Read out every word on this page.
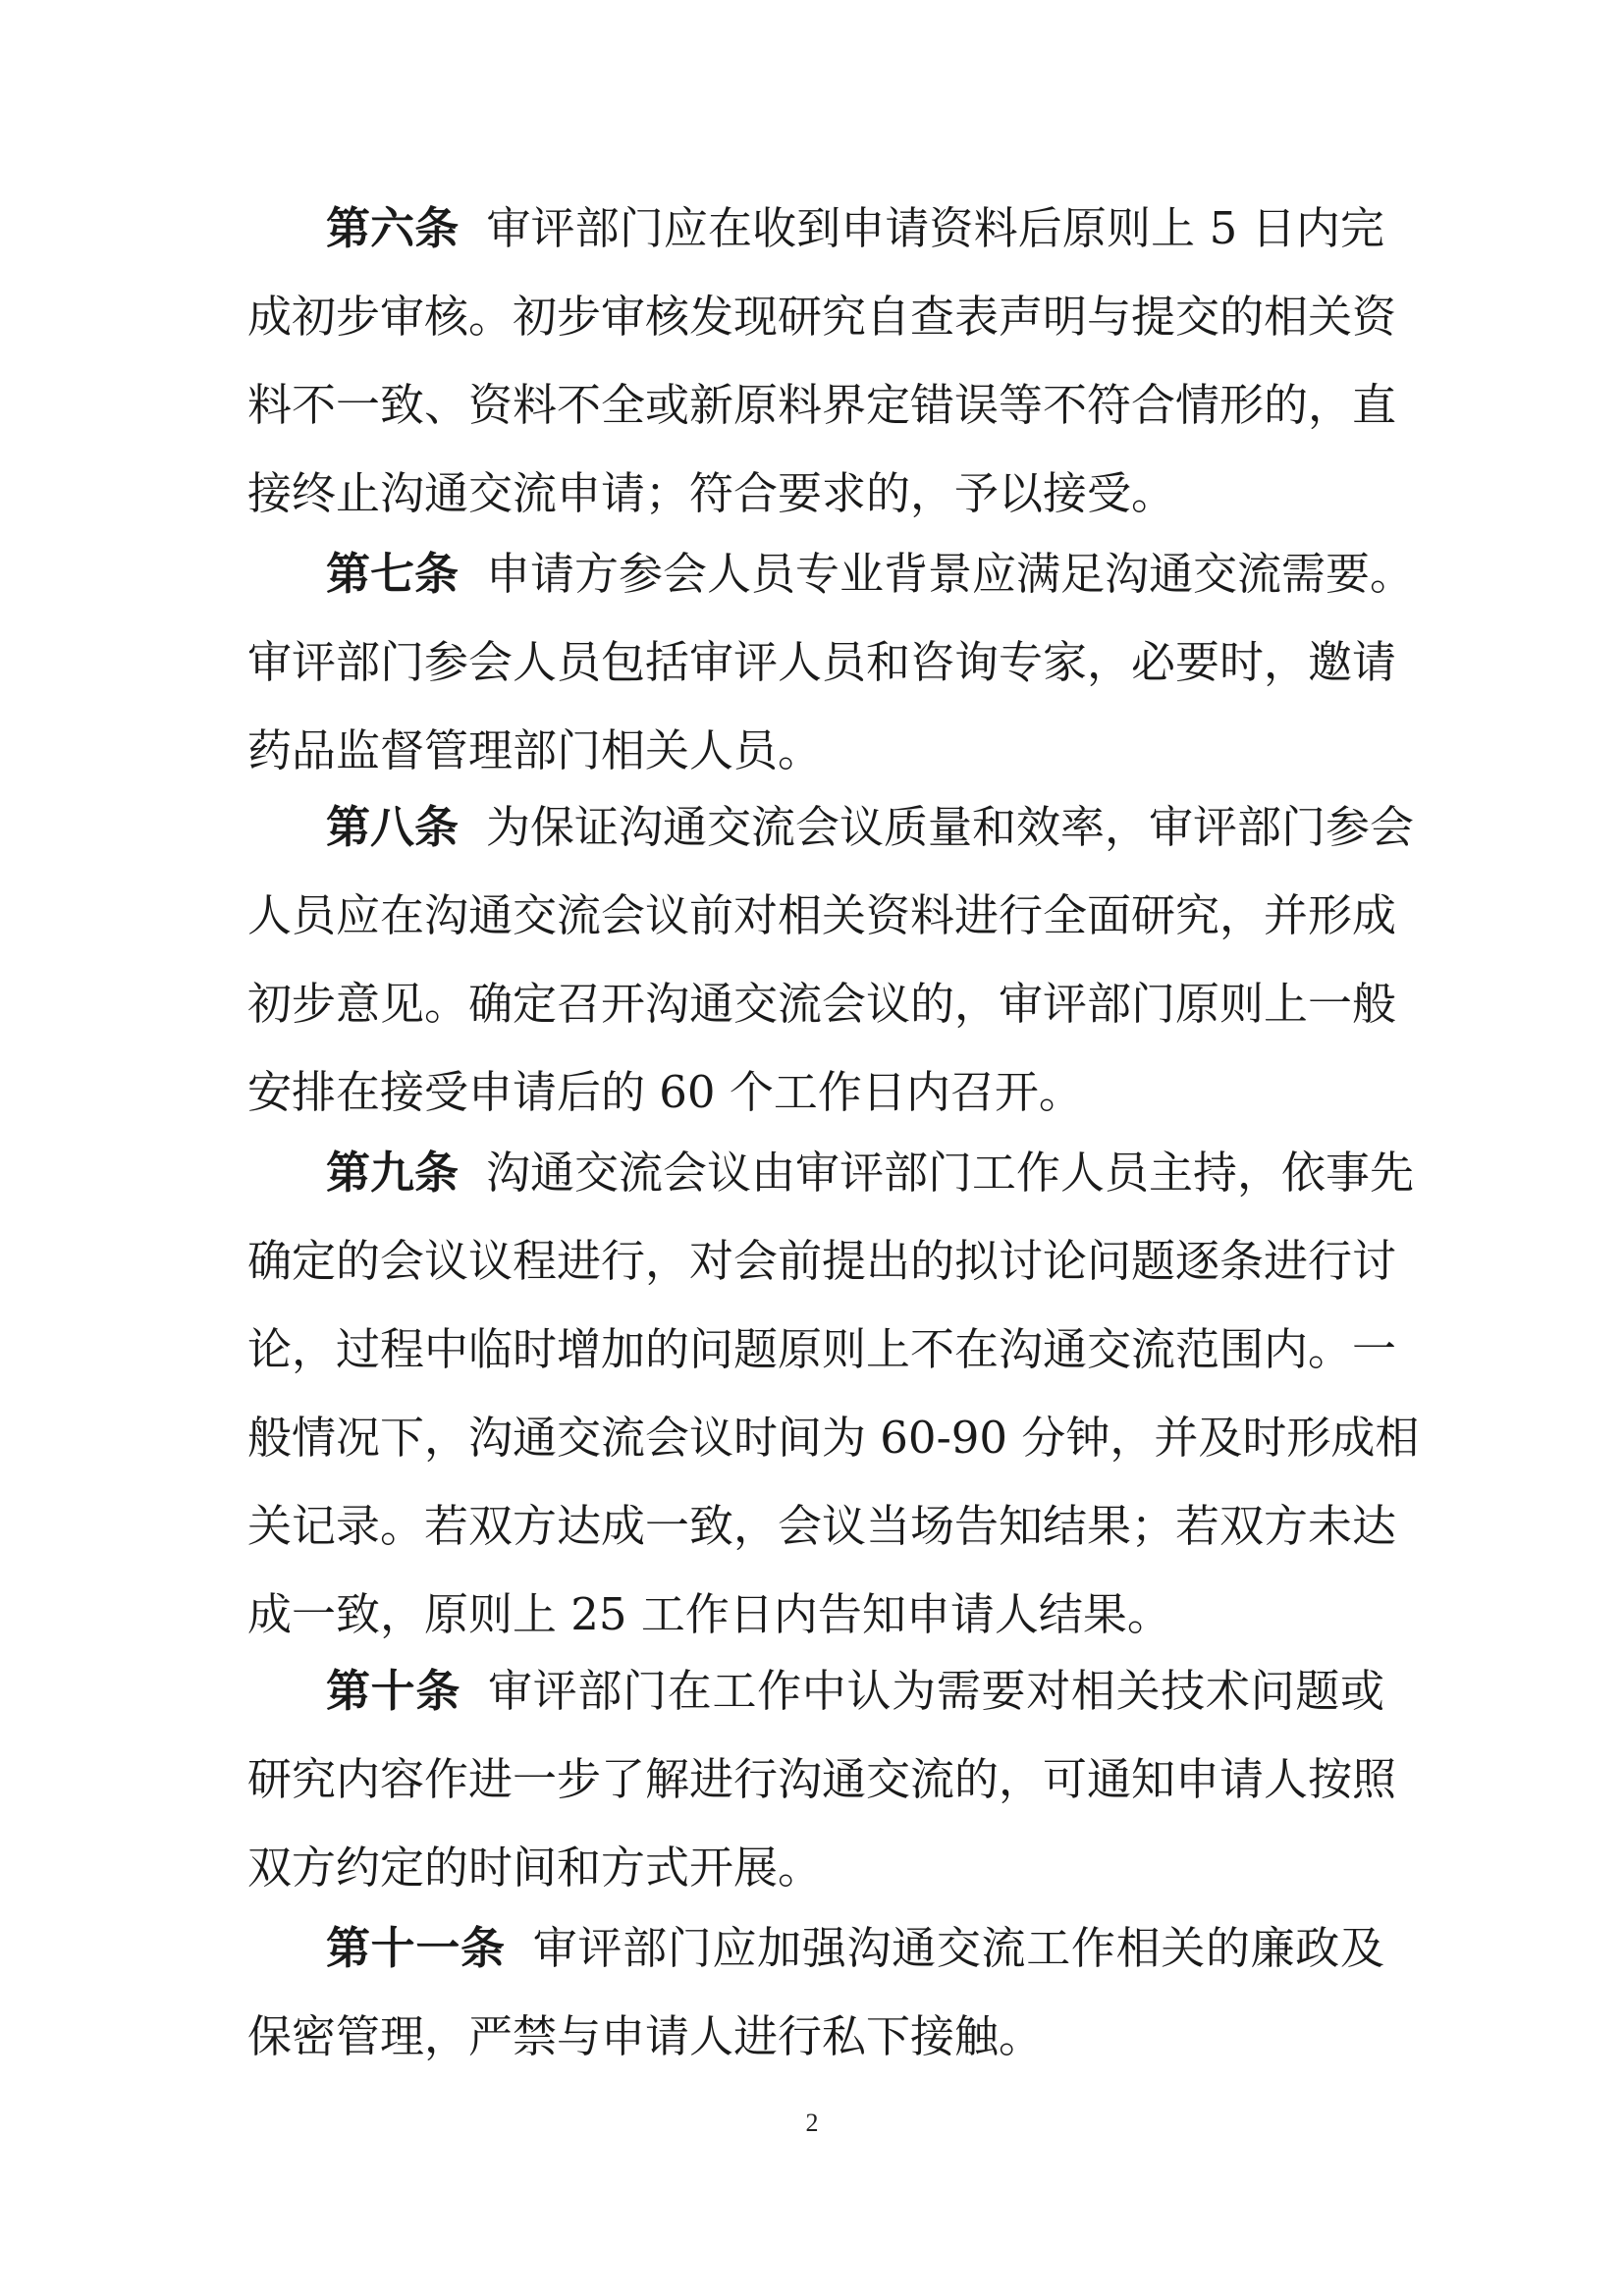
第六条 审评部门应在收到申请资料后原则上 5 日内完
成初步审核。初步审核发现研究自查表声明与提交的相关资
料不一致、资料不全或新原料界定错误等不符合情形的，直
接终止沟通交流申请；符合要求的，予以接受。
第七条 申请方参会人员专业背景应满足沟通交流需要。
审评部门参会人员包括审评人员和咨询专家，必要时，邀请
药品监督管理部门相关人员。
第八条 为保证沟通交流会议质量和效率，审评部门参会
人员应在沟通交流会议前对相关资料进行全面研究，并形成
初步意见。确定召开沟通交流会议的，审评部门原则上一般
安排在接受申请后的 60 个工作日内召开。
第九条 沟通交流会议由审评部门工作人员主持，依事先
确定的会议议程进行，对会前提出的拟讨论问题逐条进行讨
论，过程中临时增加的问题原则上不在沟通交流范围内。一
般情况下，沟通交流会议时间为 60-90 分钟，并及时形成相
关记录。若双方达成一致，会议当场告知结果；若双方未达
成一致，原则上 25 工作日内告知申请人结果。
第十条 审评部门在工作中认为需要对相关技术问题或
研究内容作进一步了解进行沟通交流的，可通知申请人按照
双方约定的时间和方式开展。
第十一条 审评部门应加强沟通交流工作相关的廉政及
保密管理，严禁与申请人进行私下接触。
2
